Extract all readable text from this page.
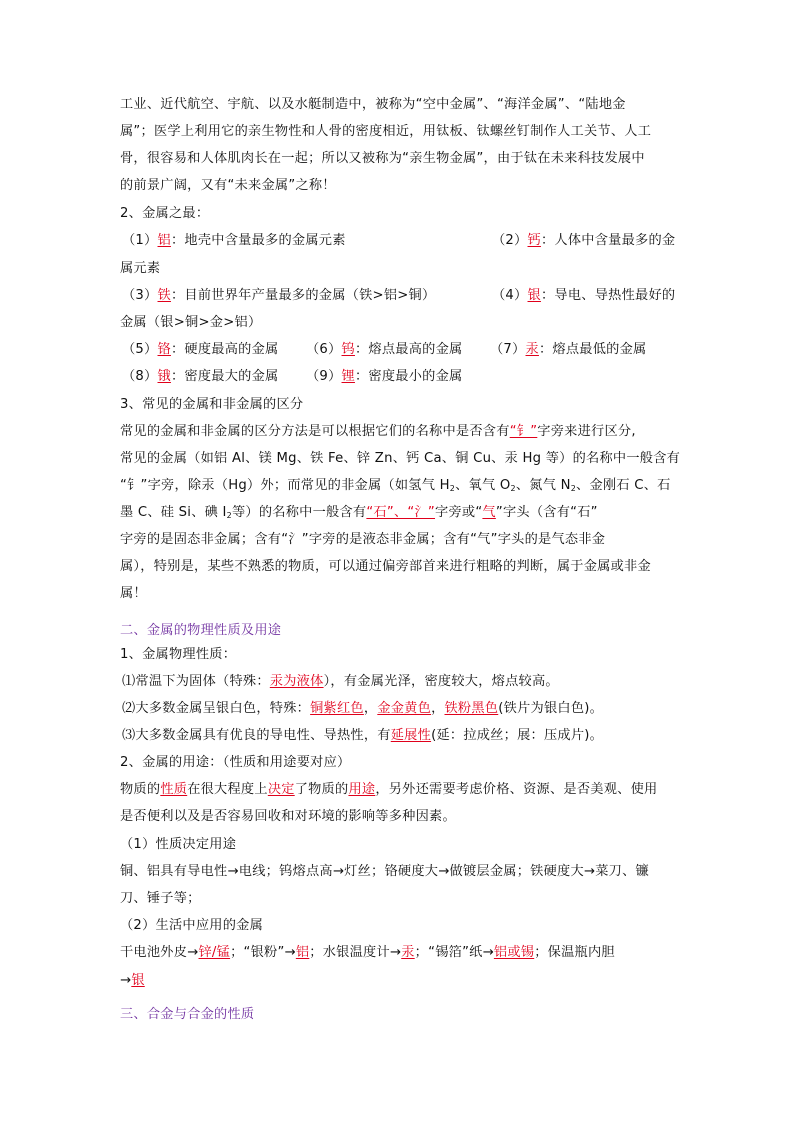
工业、近代航空、宇航、以及水艇制造中，被称为“空中金属”、“海洋金属”、“陆地金
属”；医学上利用它的亲生物性和人骨的密度相近，用钛板、钛螺丝钉制作人工关节、人工
骨，很容易和人体肌肉长在一起；所以又被称为“亲生物金属”，由于钛在未来科技发展中
的前景广阔，又有“未来金属”之称！
2、金属之最：
（1）铝：地壳中含量最多的金属元素	（2）钙：人体中含量最多的金
属元素
（3）铁：目前世界年产量最多的金属（铁>铝>铜）	（4）银：导电、导热性最好的
金属（银>铜>金>铝）
（5）铬：硬度最高的金属 （6）钨：熔点最高的金属 （7）汞：熔点最低的金属
（8）锇：密度最大的金属 （9）锂：密度最小的金属
3、常见的金属和非金属的区分
常见的金属和非金属的区分方法是可以根据它们的名称中是否含有“钅”字旁来进行区分,
常见的金属（如铝 Al、镁 Mg、铁 Fe、锌 Zn、钙 Ca、铜 Cu、汞 Hg 等）的名称中一般含有
“钅”字旁，除汞（Hg）外；而常见的非金属（如氢气 $H_2$、氧气 $O_2$、氮气 $N_2$、金刚石 C、石
墨 C、硅 Si、碘 $I_2$等）的名称中一般含有“石”、“氵”字旁或“气”字头（含有“石”
字旁的是固态非金属；含有“氵”字旁的是液态非金属；含有“气”字头的是气态非金
属），特别是，某些不熟悉的物质，可以通过偏旁部首来进行粗略的判断，属于金属或非金
属！
二、金属的物理性质及用途
1、金属物理性质：
⑴常温下为固体（特殊：汞为液体），有金属光泽，密度较大，熔点较高。
⑵大多数金属呈银白色，特殊：铜紫红色，金金黄色，铁粉黑色(铁片为银白色)。
⑶大多数金属具有优良的导电性、导热性，有延展性(延：拉成丝；展：压成片)。
2、金属的用途：（性质和用途要对应）
物质的性质在很大程度上决定了物质的用途，另外还需要考虑价格、资源、是否美观、使用
是否便利以及是否容易回收和对环境的影响等多种因素。
（1）性质决定用途
铜、铝具有导电性→电线；钨熔点高→灯丝；铬硬度大→做镀层金属；铁硬度大→菜刀、镰
刀、锤子等；
（2）生活中应用的金属
干电池外皮→锌/锰；“银粉”→铝；水银温度计→汞；“锡箔”纸→铝或锡；保温瓶内胆
→银
三、合金与合金的性质
